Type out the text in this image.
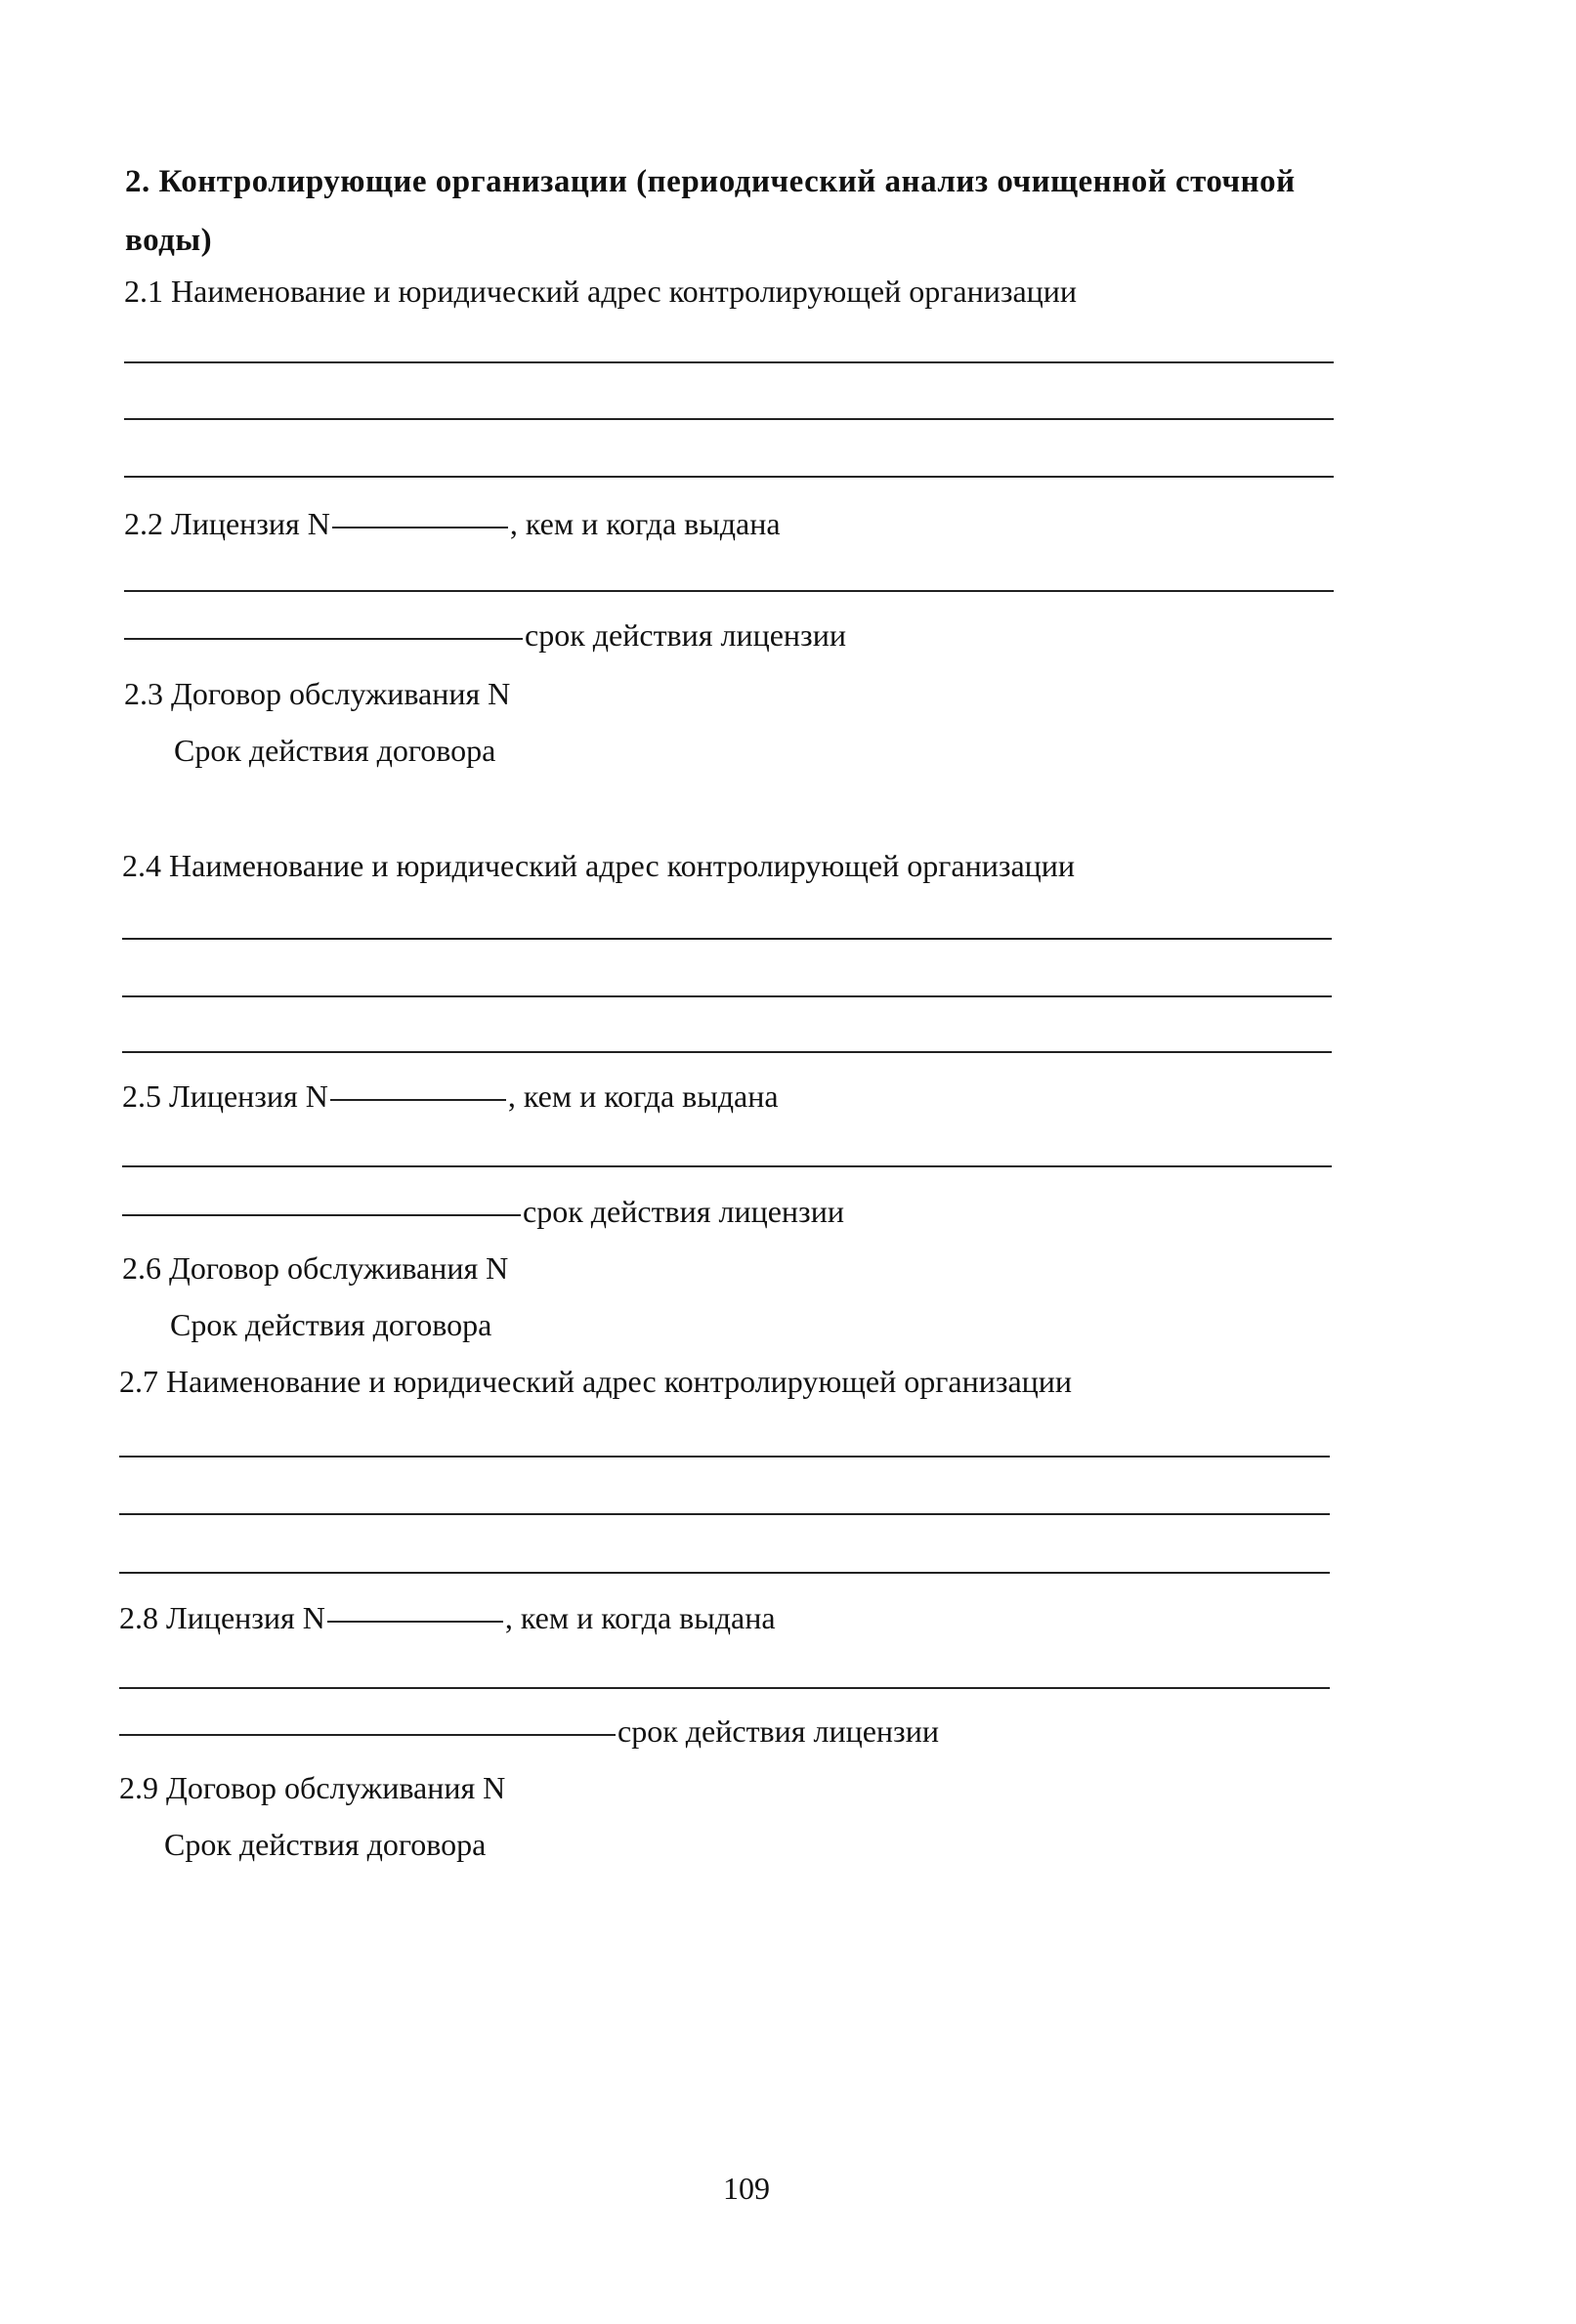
2. Контролирующие организации (периодический анализ очищенной сточной воды)
2.1 Наименование и юридический адрес контролирующей организации
2.2 Лицензия N	, кем и когда выдана
срок действия лицензии
2.3 Договор обслуживания N
Срок действия договора
2.4 Наименование и юридический адрес контролирующей организации
2.5 Лицензия N	, кем и когда выдана
срок действия лицензии
2.6 Договор обслуживания N
Срок действия договора
2.7 Наименование и юридический адрес контролирующей организации
2.8 Лицензия N	, кем и когда выдана
срок действия лицензии
2.9 Договор обслуживания N
Срок действия договора
109
